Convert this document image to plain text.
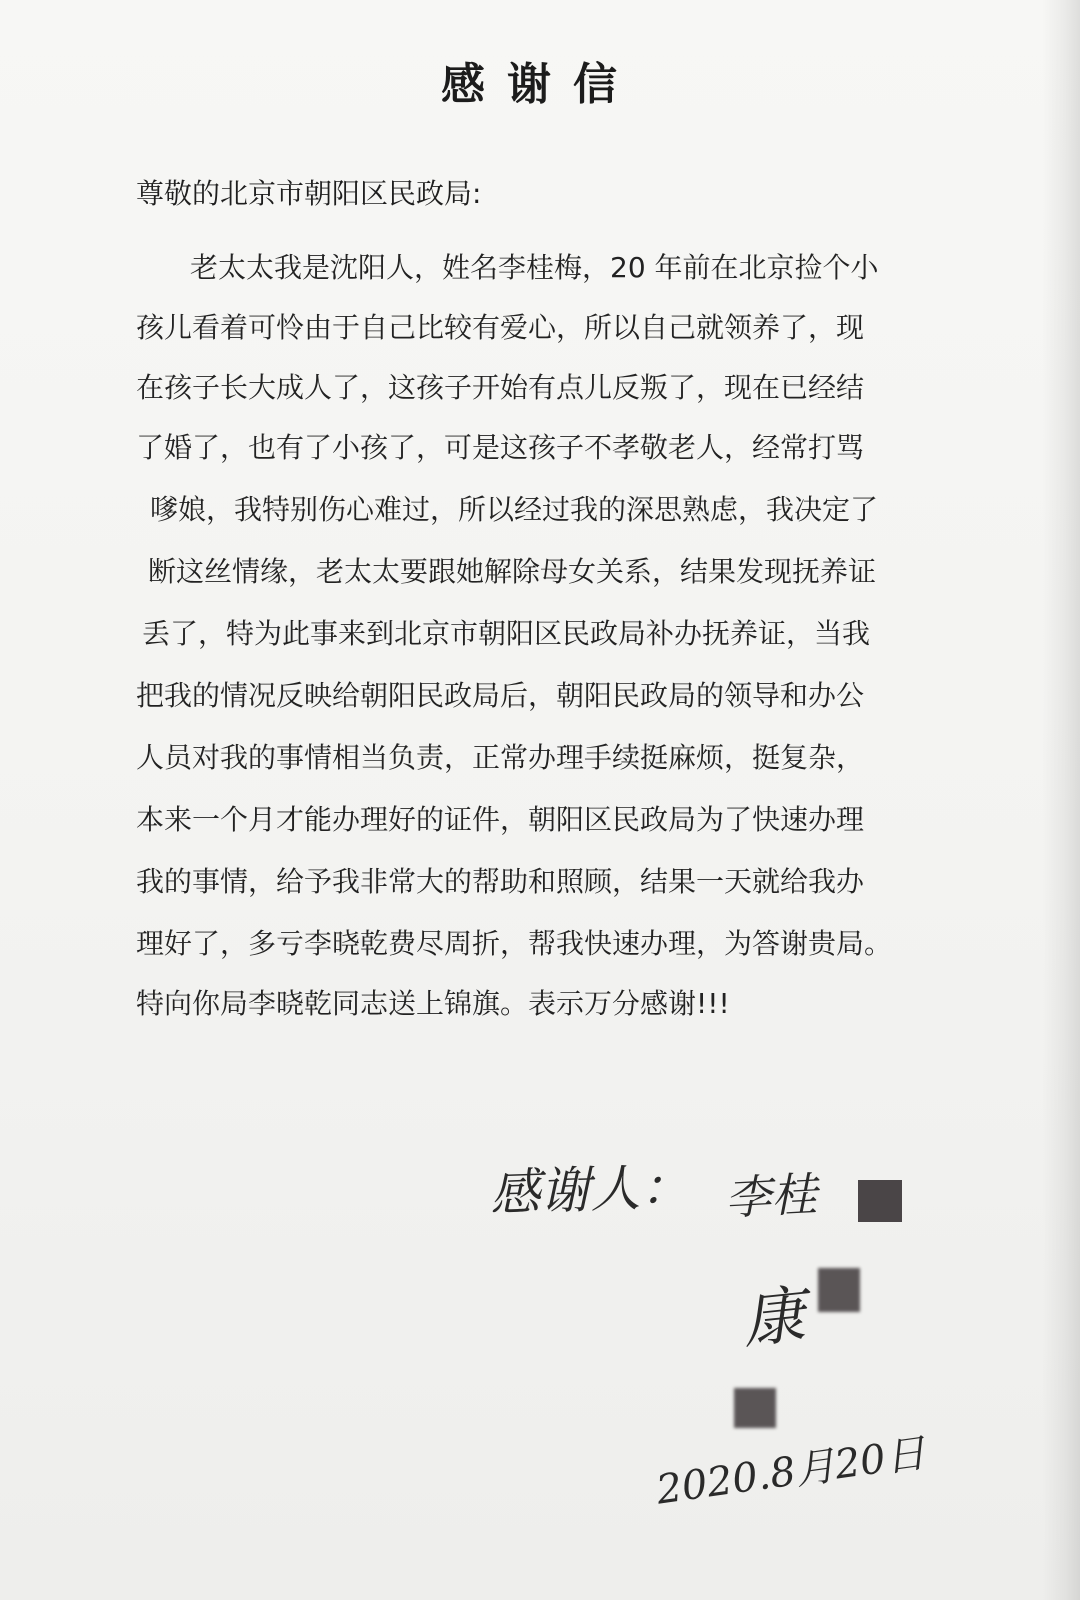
感谢信
尊敬的北京市朝阳区民政局:
老太太我是沈阳人，姓名李桂梅，20 年前在北京捡个小
孩儿看着可怜由于自己比较有爱心，所以自己就领养了，现
在孩子长大成人了，这孩子开始有点儿反叛了，现在已经结
了婚了，也有了小孩了，可是这孩子不孝敬老人，经常打骂
嗲娘，我特别伤心难过，所以经过我的深思熟虑，我决定了
断这丝情缘，老太太要跟她解除母女关系，结果发现抚养证
丢了，特为此事来到北京市朝阳区民政局补办抚养证，当我
把我的情况反映给朝阳民政局后，朝阳民政局的领导和办公
人员对我的事情相当负责，正常办理手续挺麻烦，挺复杂，
本来一个月才能办理好的证件，朝阳区民政局为了快速办理
我的事情，给予我非常大的帮助和照顾，结果一天就给我办
理好了，多亏李晓乾费尽周折，帮我快速办理，为答谢贵局。
特向你局李晓乾同志送上锦旗。表示万分感谢!!!
感谢人： 李桂
康
2020.8月20日
